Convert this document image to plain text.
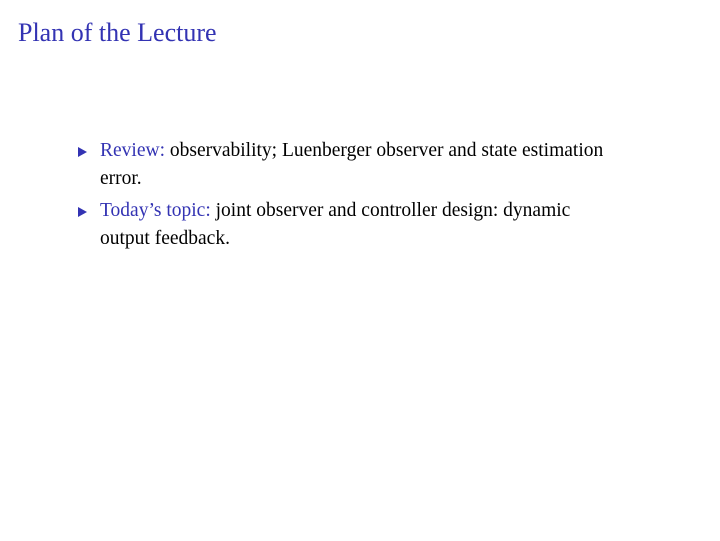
Plan of the Lecture
Review: observability; Luenberger observer and state estimation error.
Today’s topic: joint observer and controller design: dynamic output feedback.
